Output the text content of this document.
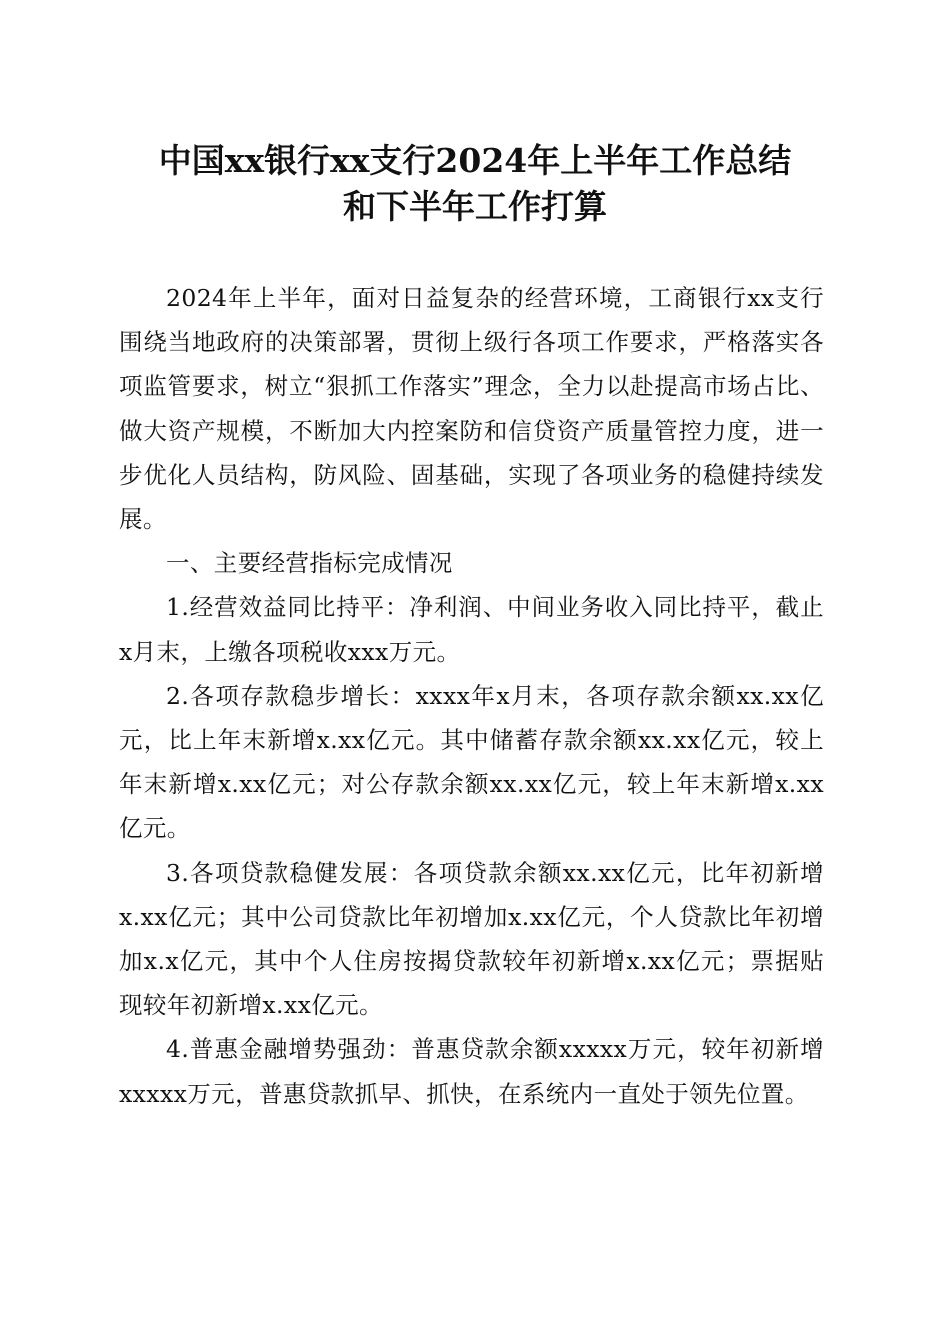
中国xx银行xx支行2024年上半年工作总结
和下半年工作打算

2024年上半年，面对日益复杂的经营环境，工商银行xx支行围绕当地政府的决策部署，贯彻上级行各项工作要求，严格落实各项监管要求，树立“狠抓工作落实”理念，全力以赴提高市场占比、做大资产规模，不断加大内控案防和信贷资产质量管控力度，进一步优化人员结构，防风险、固基础，实现了各项业务的稳健持续发展。

一、主要经营指标完成情况

1.经营效益同比持平：净利润、中间业务收入同比持平，截止x月末，上缴各项税收xxx万元。

2.各项存款稳步增长：xxxx年x月末，各项存款余额xx.xx亿元，比上年末新增x.xx亿元。其中储蓄存款余额xx.xx亿元，较上年末新增x.xx亿元；对公存款余额xx.xx亿元，较上年末新增x.xx亿元。

3.各项贷款稳健发展：各项贷款余额xx.xx亿元，比年初新增x.xx亿元；其中公司贷款比年初增加x.xx亿元，个人贷款比年初增加x.x亿元，其中个人住房按揭贷款较年初新增x.xx亿元；票据贴现较年初新增x.xx亿元。

4.普惠金融增势强劲：普惠贷款余额xxxxx万元，较年初新增xxxxx万元，普惠贷款抓早、抓快，在系统内一直处于领先位置。
